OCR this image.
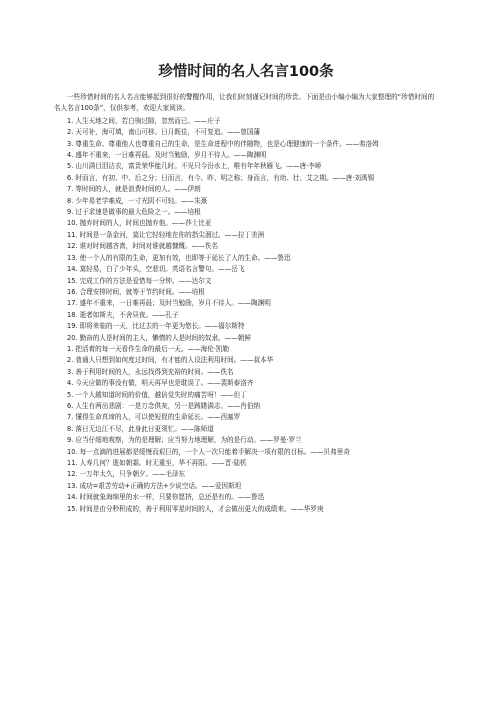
珍惜时间的名人名言100条
一些珍惜时间的名人名言能够起到很好的警醒作用，让我们时刻谨记时间的珍贵。下面是由小编小编为大家整理的“珍惜时间的名人名言100条”，仅供参考，欢迎大家阅读。
1. 人生天地之间，若白驹过隙，忽然而已。——庄子
2. 天可补，海可填，南山可移。日月既往，不可复追。——曾国藩
3. 尊重生命、尊重他人也尊重自己的生命，是生命进程中的伴随物，也是心理健康的一个条件。——弗洛姆
4. 盛年不重来，一日难再晨。及时当勉励，岁月不待人。——陶渊明
5. 山川满目泪沾衣，富贵荣华能几时。不见只今汾水上，唯有年年秋雁飞。——唐·李峤
6. 时而言，有初、中、后之分；日而言，有今、昨、明之称；身而言，有幼、壮、艾之期。——唐·刘禹锡
7. 等时间的人，就是浪费时间的人。——伊朗
8. 少年易老学难成，一寸光阴不可轻。——朱熹
9. 过于求速是做事的最大危险之一。——培根
10. 抛弃时间的人，时间也抛弃他。——莎士比亚
11. 时间是一条金河，莫让它轻轻地在你的指尖溜过。——拉丁美洲
12. 谁对时间越吝啬，时间对谁就越慷慨。——佚名
13. 使一个人的有限的生命，更加有效，也即等于延长了人的生命。——鲁迅
14. 莫轻易，白了少年头，空悲切。英语名言警句。——岳飞
15. 完成工作的方法是爱惜每一分钟。——达尔文
16. 合理安排时间，就等于节约时间。——培根
17. 盛年不重来，一日难再晨；及时当勉励，岁月不待人。——陶渊明
18. 逝者如斯夫，不舍昼夜。——孔子
19. 即将来临的一天，比过去的一年更为悠长。——福尔斯特
20. 勤奋的人是时间的主人，懒惰的人是时间的奴隶。——朝鲜
1. 把活着的每一天看作生命的最后一天。——海伦·凯勒
2. 普通人只想到如何度过时间，有才能的人设法利用时间。——叔本华
3. 善于利用时间的人，永远找得到充裕的时间。——佚名
4. 今天应做的事没有做，明天再早也是耽误了。——裴斯泰洛齐
5. 一个人越知道时间的价值，越倍觉失时的痛苦呀！——但丁
6. 人生有两出悲剧：一是万念俱灰，另一是踌躇满志。——肖伯纳
7. 懂得生命真谛的人，可以使短促的生命延长。——西塞罗
8. 落日无边江不尽，此身此日更须忙。——陈师道
9. 应当仔细地观察，为的是理解；应当努力地理解，为的是行动。——罗曼·罗兰
10. 每一点滴的进展都是缓慢而艰巨的，一个人一次只能着手解决一项有限的目标。——贝弗里奇
11. 人寿几何？逝如朝霜。时无重至，华不再阳。——晋·陆机
12. 一万年太久，只争朝夕。——毛泽东
13. 成功=艰苦劳动+正确的方法+少说空话。——爱因斯坦
14. 时间就象海绵里的水一样，只要你愿挤，总还是有的。——鲁迅
15. 时间是由分秒积成的，善于利用零星时间的人，才会做出更大的成绩来。——华罗庚
